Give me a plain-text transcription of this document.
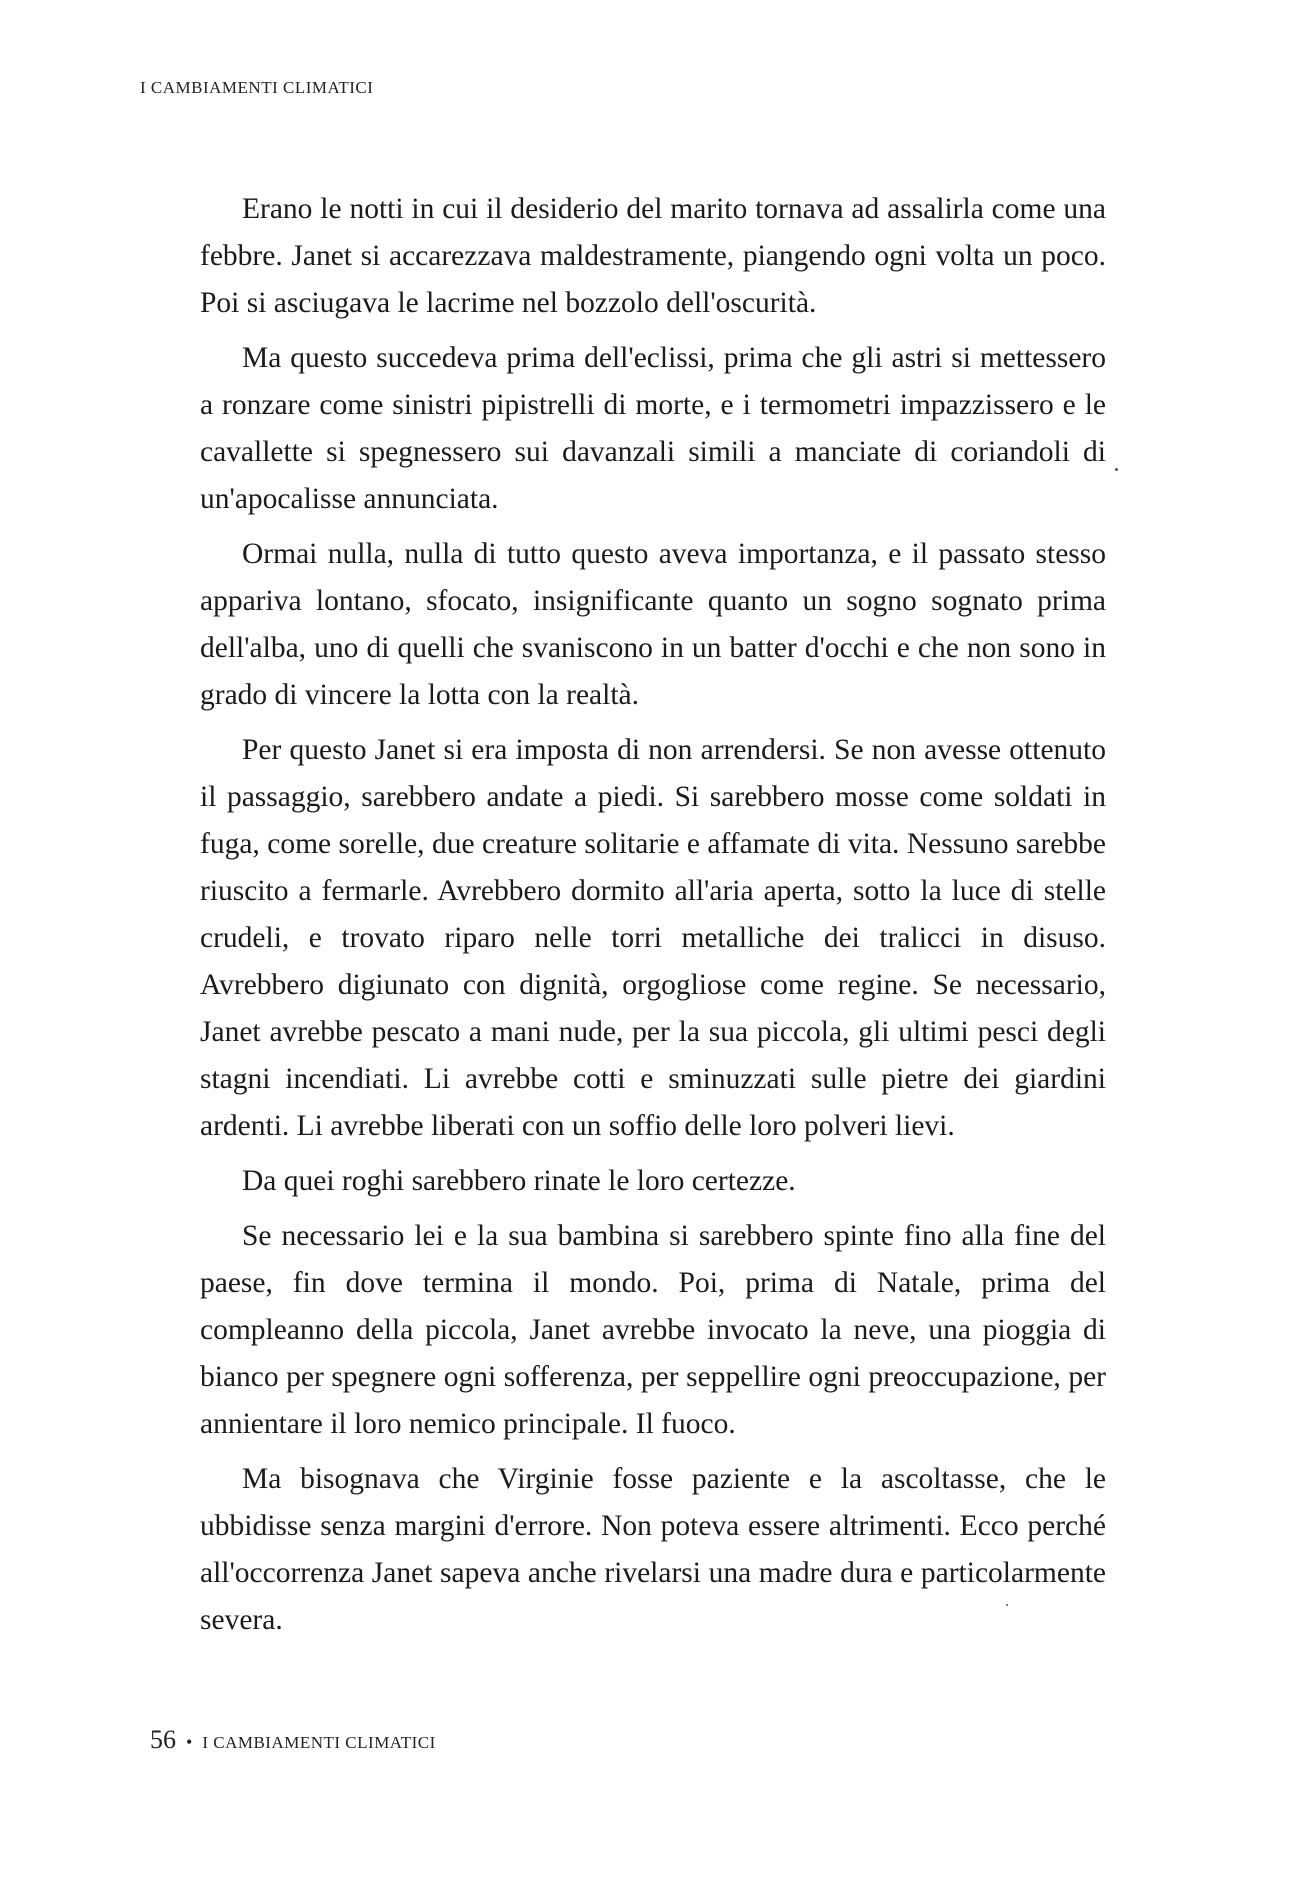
I CAMBIAMENTI CLIMATICI

Erano le notti in cui il desiderio del marito tornava ad assalirla come una febbre. Janet si accarezzava maldestramente, piangendo ogni volta un poco. Poi si asciugava le lacrime nel bozzolo dell'oscurità.

Ma questo succedeva prima dell'eclissi, prima che gli astri si mettessero a ronzare come sinistri pipistrelli di morte, e i termometri impazzissero e le cavallette si spegnessero sui davanzali simili a manciate di coriandoli di un'apocalisse annunciata.

Ormai nulla, nulla di tutto questo aveva importanza, e il passato stesso appariva lontano, sfocato, insignificante quanto un sogno sognato prima dell'alba, uno di quelli che svaniscono in un batter d'occhi e che non sono in grado di vincere la lotta con la realtà.

Per questo Janet si era imposta di non arrendersi. Se non avesse ottenuto il passaggio, sarebbero andate a piedi. Si sarebbero mosse come soldati in fuga, come sorelle, due creature solitarie e affamate di vita. Nessuno sarebbe riuscito a fermarle. Avrebbero dormito all'aria aperta, sotto la luce di stelle crudeli, e trovato riparo nelle torri metalliche dei tralicci in disuso. Avrebbero digiunato con dignità, orgogliose come regine. Se necessario, Janet avrebbe pescato a mani nude, per la sua piccola, gli ultimi pesci degli stagni incendiati. Li avrebbe cotti e sminuzzati sulle pietre dei giardini ardenti. Li avrebbe liberati con un soffio delle loro polveri lievi.

Da quei roghi sarebbero rinate le loro certezze.

Se necessario lei e la sua bambina si sarebbero spinte fino alla fine del paese, fin dove termina il mondo. Poi, prima di Natale, prima del compleanno della piccola, Janet avrebbe invocato la neve, una pioggia di bianco per spegnere ogni sofferenza, per seppellire ogni preoccupazione, per annientare il loro nemico principale. Il fuoco.

Ma bisognava che Virginie fosse paziente e la ascoltasse, che le ubbidisse senza margini d'errore. Non poteva essere altrimenti. Ecco perché all'occorrenza Janet sapeva anche rivelarsi una madre dura e particolarmente severa.

56 • I CAMBIAMENTI CLIMATICI
